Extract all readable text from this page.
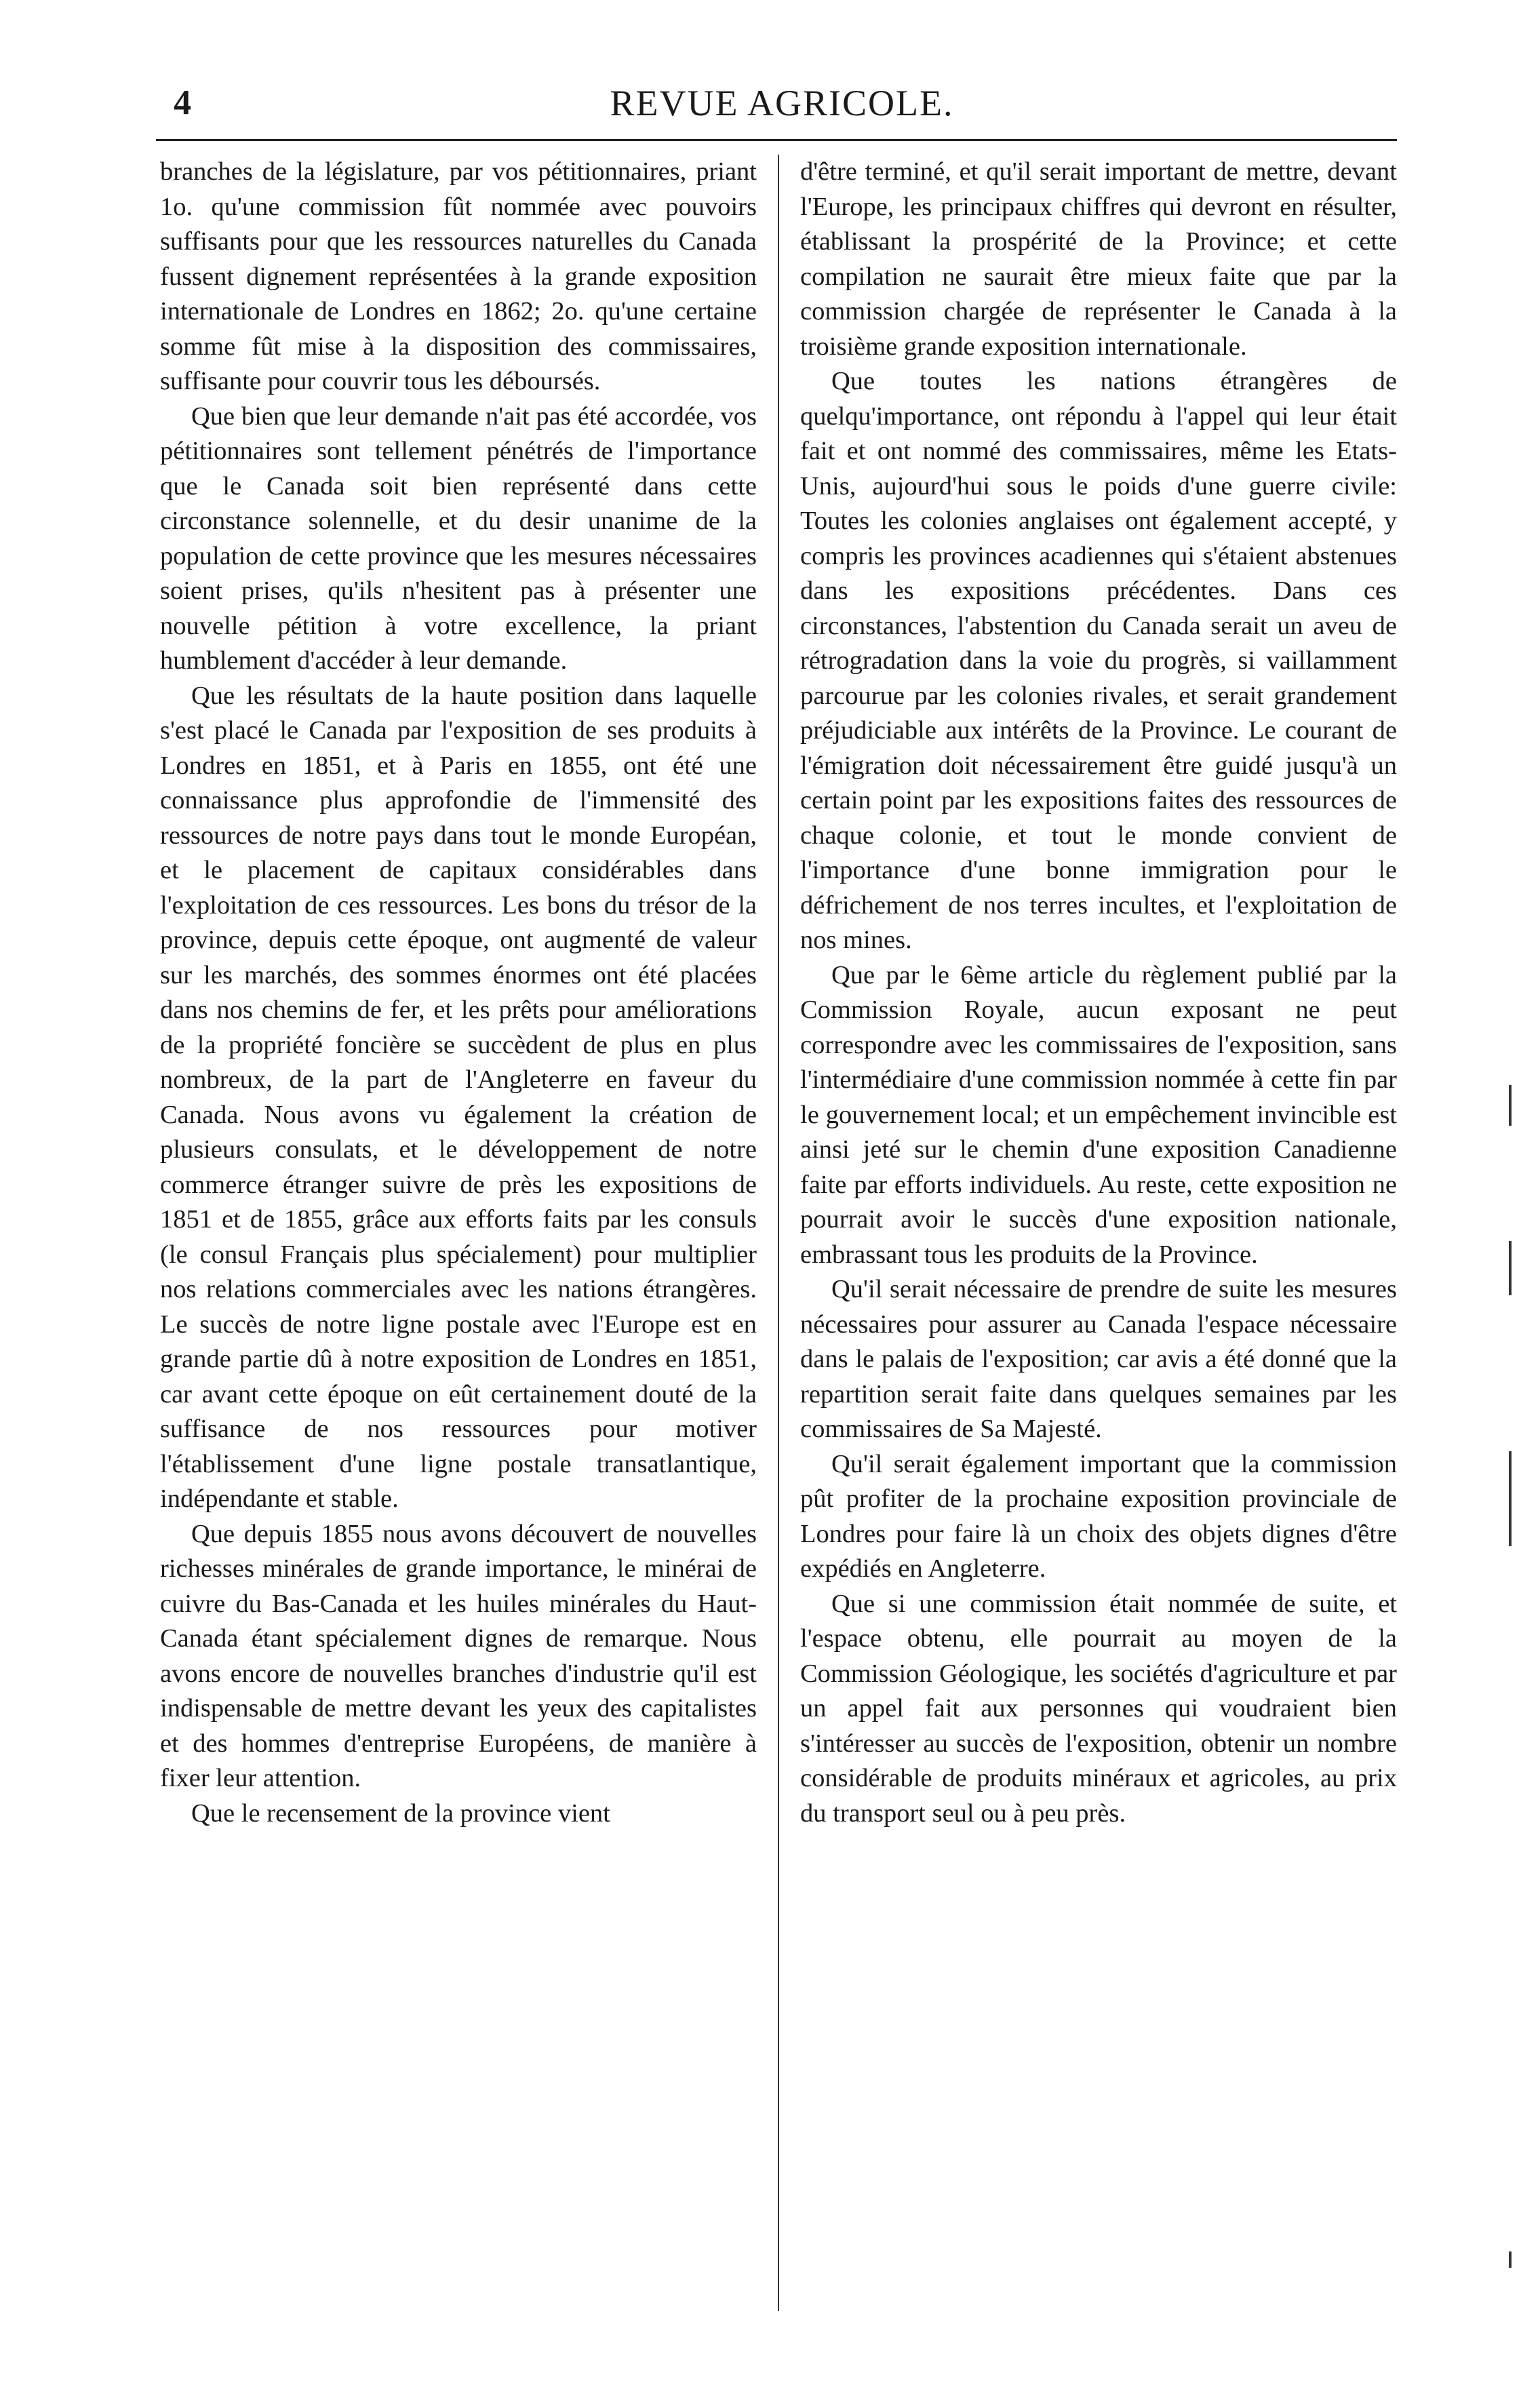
4	REVUE AGRICOLE.

branches de la législature, par vos pétitionnaires, priant 1o. qu'une commission fût nommée avec pouvoirs suffisants pour que les ressources naturelles du Canada fussent dignement représentées à la grande exposition internationale de Londres en 1862; 2o. qu'une certaine somme fût mise à la disposition des commissaires, suffisante pour couvrir tous les déboursés.

Que bien que leur demande n'ait pas été accordée, vos pétitionnaires sont tellement pénétrés de l'importance que le Canada soit bien représenté dans cette circonstance solennelle, et du desir unanime de la population de cette province que les mesures nécessaires soient prises, qu'ils n'hesitent pas à présenter une nouvelle pétition à votre excellence, la priant humblement d'accéder à leur demande.

Que les résultats de la haute position dans laquelle s'est placé le Canada par l'exposition de ses produits à Londres en 1851, et à Paris en 1855, ont été une connaissance plus approfondie de l'immensité des ressources de notre pays dans tout le monde Européan, et le placement de capitaux considérables dans l'exploitation de ces ressources. Les bons du trésor de la province, depuis cette époque, ont augmenté de valeur sur les marchés, des sommes énormes ont été placées dans nos chemins de fer, et les prêts pour améliorations de la propriété foncière se succèdent de plus en plus nombreux, de la part de l'Angleterre en faveur du Canada. Nous avons vu également la création de plusieurs consulats, et le développement de notre commerce étranger suivre de près les expositions de 1851 et de 1855, grâce aux efforts faits par les consuls (le consul Français plus spécialement) pour multiplier nos relations commerciales avec les nations étrangères. Le succès de notre ligne postale avec l'Europe est en grande partie dû à notre exposition de Londres en 1851, car avant cette époque on eût certainement douté de la suffisance de nos ressources pour motiver l'établissement d'une ligne postale transatlantique, indépendante et stable.

Que depuis 1855 nous avons découvert de nouvelles richesses minérales de grande importance, le minérai de cuivre du Bas-Canada et les huiles minérales du Haut-Canada étant spécialement dignes de remarque. Nous avons encore de nouvelles branches d'industrie qu'il est indispensable de mettre devant les yeux des capitalistes et des hommes d'entreprise Européens, de manière à fixer leur attention.

Que le recensement de la province vient

d'être terminé, et qu'il serait important de mettre, devant l'Europe, les principaux chiffres qui devront en résulter, établissant la prospérité de la Province; et cette compilation ne saurait être mieux faite que par la commission chargée de représenter le Canada à la troisième grande exposition internationale.

Que toutes les nations étrangères de quelqu'importance, ont répondu à l'appel qui leur était fait et ont nommé des commissaires, même les Etats-Unis, aujourd'hui sous le poids d'une guerre civile: Toutes les colonies anglaises ont également accepté, y compris les provinces acadiennes qui s'étaient abstenues dans les expositions précédentes. Dans ces circonstances, l'abstention du Canada serait un aveu de rétrogradation dans la voie du progrès, si vaillamment parcourue par les colonies rivales, et serait grandement préjudiciable aux intérêts de la Province. Le courant de l'émigration doit nécessairement être guidé jusqu'à un certain point par les expositions faites des ressources de chaque colonie, et tout le monde convient de l'importance d'une bonne immigration pour le défrichement de nos terres incultes, et l'exploitation de nos mines.

Que par le 6ème article du règlement publié par la Commission Royale, aucun exposant ne peut correspondre avec les commissaires de l'exposition, sans l'intermédiaire d'une commission nommée à cette fin par le gouvernement local; et un empêchement invincible est ainsi jeté sur le chemin d'une exposition Canadienne faite par efforts individuels. Au reste, cette exposition ne pourrait avoir le succès d'une exposition nationale, embrassant tous les produits de la Province.

Qu'il serait nécessaire de prendre de suite les mesures nécessaires pour assurer au Canada l'espace nécessaire dans le palais de l'exposition; car avis a été donné que la repartition serait faite dans quelques semaines par les commissaires de Sa Majesté.

Qu'il serait également important que la commission pût profiter de la prochaine exposition provinciale de Londres pour faire là un choix des objets dignes d'être expédiés en Angleterre.

Que si une commission était nommée de suite, et l'espace obtenu, elle pourrait au moyen de la Commission Géologique, les sociétés d'agriculture et par un appel fait aux personnes qui voudraient bien s'intéresser au succès de l'exposition, obtenir un nombre considérable de produits minéraux et agricoles, au prix du transport seul ou à peu près.
